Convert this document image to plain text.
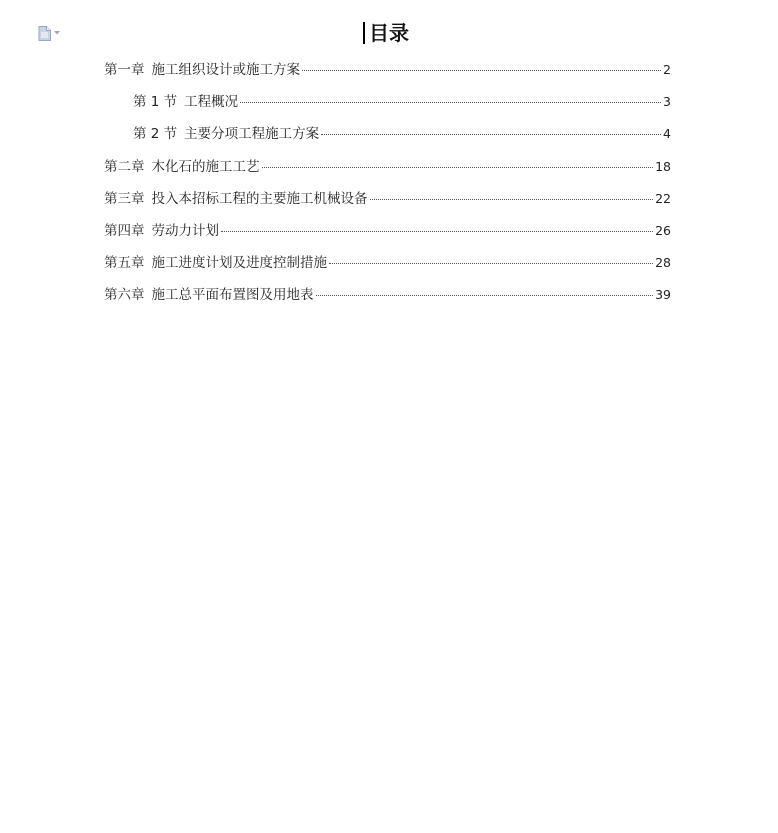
目录
第一章 施工组织设计或施工方案	2
第 1 节 工程概况	3
第 2 节 主要分项工程施工方案	4
第二章 木化石的施工工艺	18
第三章 投入本招标工程的主要施工机械设备	22
第四章 劳动力计划	26
第五章 施工进度计划及进度控制措施	28
第六章 施工总平面布置图及用地表	39
